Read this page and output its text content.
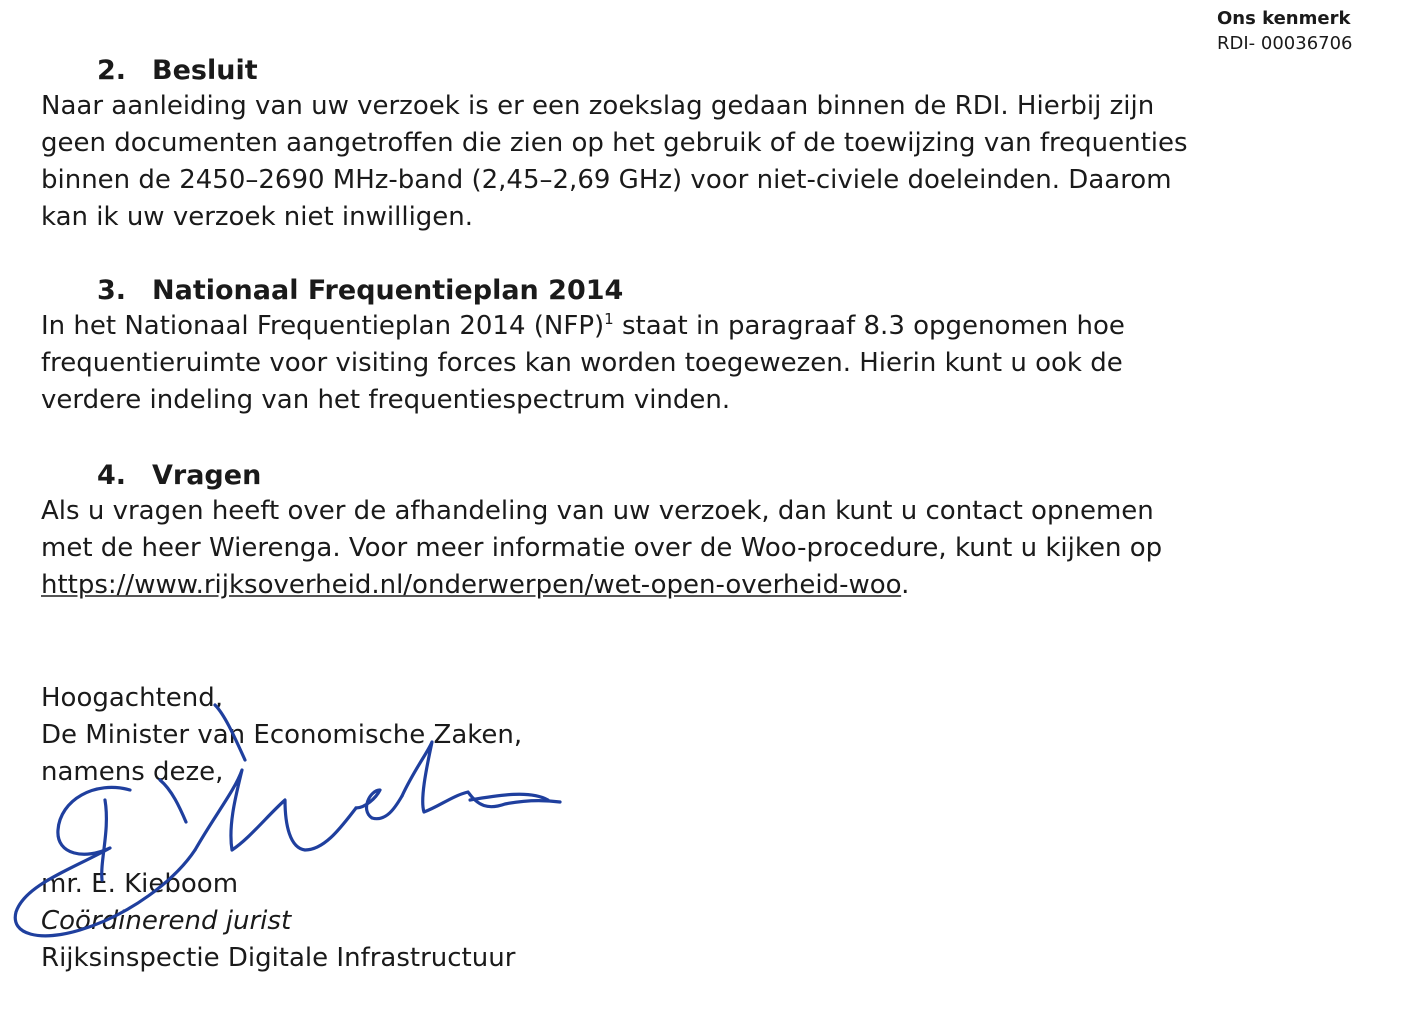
Ons kenmerk
RDI- 00036706
2. Besluit

Naar aanleiding van uw verzoek is er een zoekslag gedaan binnen de RDI. Hierbij zijn geen documenten aangetroffen die zien op het gebruik of de toewijzing van frequenties binnen de 2450–2690 MHz-band (2,45–2,69 GHz) voor niet-civiele doeleinden. Daarom kan ik uw verzoek niet inwilligen.

3. Nationaal Frequentieplan 2014

In het Nationaal Frequentieplan 2014 (NFP)$^1$ staat in paragraaf 8.3 opgenomen hoe frequentieruimte voor visiting forces kan worden toegewezen. Hierin kunt u ook de verdere indeling van het frequentiespectrum vinden.

4. Vragen

Als u vragen heeft over de afhandeling van uw verzoek, dan kunt u contact opnemen met de heer Wierenga. Voor meer informatie over de Woo-procedure, kunt u kijken op https://www.rijksoverheid.nl/onderwerpen/wet-open-overheid-woo.

Hoogachtend,
De Minister van Economische Zaken,
namens deze,
mr. E. Kieboom
Coördinerend jurist
Rijksinspectie Digitale Infrastructuur
